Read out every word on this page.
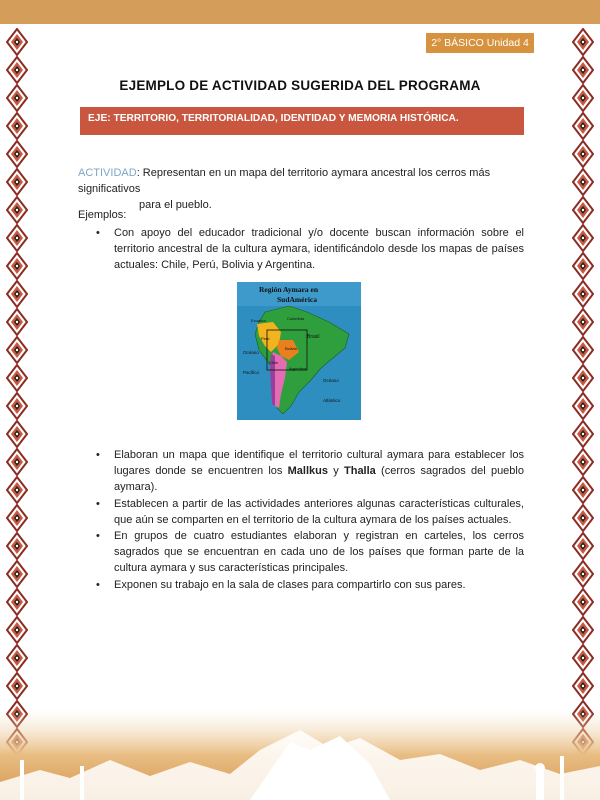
2° BÁSICO Unidad 4
EJEMPLO DE ACTIVIDAD SUGERIDA DEL PROGRAMA
EJE: TERRITORIO, TERRITORIALIDAD, IDENTIDAD Y MEMORIA HISTÓRICA.
ACTIVIDAD: Representan en un mapa del territorio aymara ancestral los cerros más significativos
para el pueblo.
Ejemplos:

• Con apoyo del educador tradicional y/o docente buscan información sobre el territorio ancestral de la cultura aymara, identificándolo desde los mapas de países actuales: Chile, Perú, Bolivia y Argentina.

Región Aymara en
SudAmérica
Colombia
Ecuador
Brasil
Perú
Bolivia
Chile
Argentina
Océano
Pacífico
Océano
Atlántico

• Elaboran un mapa que identifique el territorio cultural aymara para establecer los lugares donde se encuentren los Mallkus y Thalla (cerros sagrados del pueblo aymara).

• Establecen a partir de las actividades anteriores algunas características culturales, que aún se comparten en el territorio de la cultura aymara de los países actuales.

• En grupos de cuatro estudiantes elaboran y registran en carteles, los cerros sagrados que se encuentran en cada uno de los países que forman parte de la cultura aymara y sus características principales.

• Exponen su trabajo en la sala de clases para compartirlo con sus pares.
